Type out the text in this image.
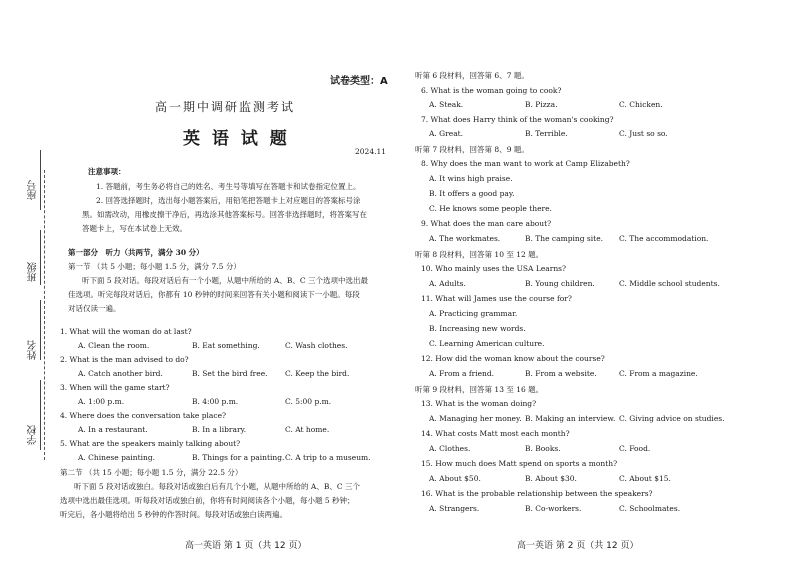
座号
班级
姓名
学校
试卷类型：A
高一期中调研监测考试
英 语 试 题
2024.11
注意事项：
1. 答题前，考生务必将自己的姓名、考生号等填写在答题卡和试卷指定位置上。
2. 回答选择题时，选出每小题答案后，用铅笔把答题卡上对应题目的答案标号涂
黑。如需改动，用橡皮擦干净后，再选涂其他答案标号。回答非选择题时，将答案写在
答题卡上，写在本试卷上无效。
第一部分　听力（共两节，满分 30 分）
第一节 （共 5 小题；每小题 1.5 分，满分 7.5 分）
听下面 5 段对话。每段对话后有一个小题，从题中所给的 A、B、C 三个选项中选出最
佳选项。听完每段对话后，你都有 10 秒钟的时间来回答有关小题和阅读下一小题。每段
对话仅读一遍。
1. What will the woman do at last?
A. Clean the room.	B. Eat something.	C. Wash clothes.
2. What is the man advised to do?
A. Catch another bird.	B. Set the bird free. C. Keep the bird.
3. When will the game start?
A. 1:00 p.m.	B. 4:00 p.m.	C. 5:00 p.m.
4. Where does the conversation take place?
A. In a restaurant.	B. In a library.	C. At home.
5. What are the speakers mainly talking about?
A. Chinese painting.	B. Things for a painting. C. A trip to a museum.
第二节 （共 15 小题；每小题 1.5 分，满分 22.5 分）
听下面 5 段对话或独白。每段对话或独白后有几个小题，从题中所给的 A、B、C 三个
选项中选出最佳选项。听每段对话或独白前，你将有时间阅读各个小题，每小题 5 秒钟；
听完后，各小题将给出 5 秒钟的作答时间。每段对话或独白读两遍。
高一英语 第 1 页（共 12 页）
听第 6 段材料，回答第 6、7 题。
6. What is the woman going to cook?
A. Steak.	B. Pizza.	C. Chicken.
7. What does Harry think of the woman's cooking?
A. Great.	B. Terrible.	C. Just so so.
听第 7 段材料，回答第 8、9 题。
8. Why does the man want to work at Camp Elizabeth?
A. It wins high praise.
B. It offers a good pay.
C. He knows some people there.
9. What does the man care about?
A. The workmates.	B. The camping site. C. The accommodation.
听第 8 段材料，回答第 10 至 12 题。
10. Who mainly uses the USA Learns?
A. Adults.	B. Young children.	C. Middle school students.
11. What will James use the course for?
A. Practicing grammar.
B. Increasing new words.
C. Learning American culture.
12. How did the woman know about the course?
A. From a friend.	B. From a website.	C. From a magazine.
听第 9 段材料，回答第 13 至 16 题。
13. What is the woman doing?
A. Managing her money. B. Making an interview. C. Giving advice on studies.
14. What costs Matt most each month?
A. Clothes.	B. Books.	C. Food.
15. How much does Matt spend on sports a month?
A. About $50.	B. About $30.	C. About $15.
16. What is the probable relationship between the speakers?
A. Strangers.	B. Co-workers.	C. Schoolmates.
高一英语 第 2 页（共 12 页）
